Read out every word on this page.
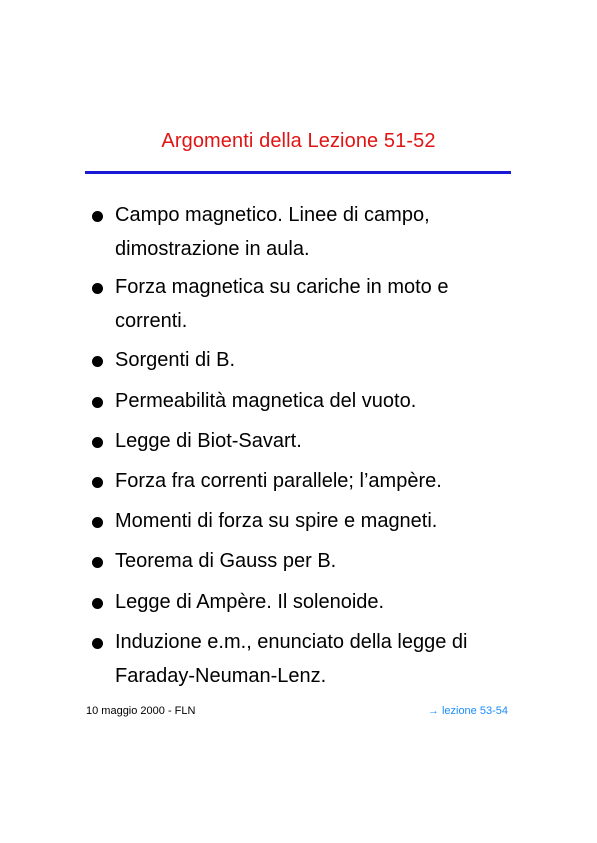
Argomenti della Lezione 51-52
Campo magnetico. Linee di campo,
dimostrazione in aula.
Forza magnetica su cariche in moto e
correnti.
Sorgenti di B.
Permeabilità magnetica del vuoto.
Legge di Biot-Savart.
Forza fra correnti parallele; l’ampère.
Momenti di forza su spire e magneti.
Teorema di Gauss per B.
Legge di Ampère. Il solenoide.
Induzione e.m., enunciato della legge di
Faraday-Neuman-Lenz.
10 maggio 2000 - FLN	→ lezione 53-54
